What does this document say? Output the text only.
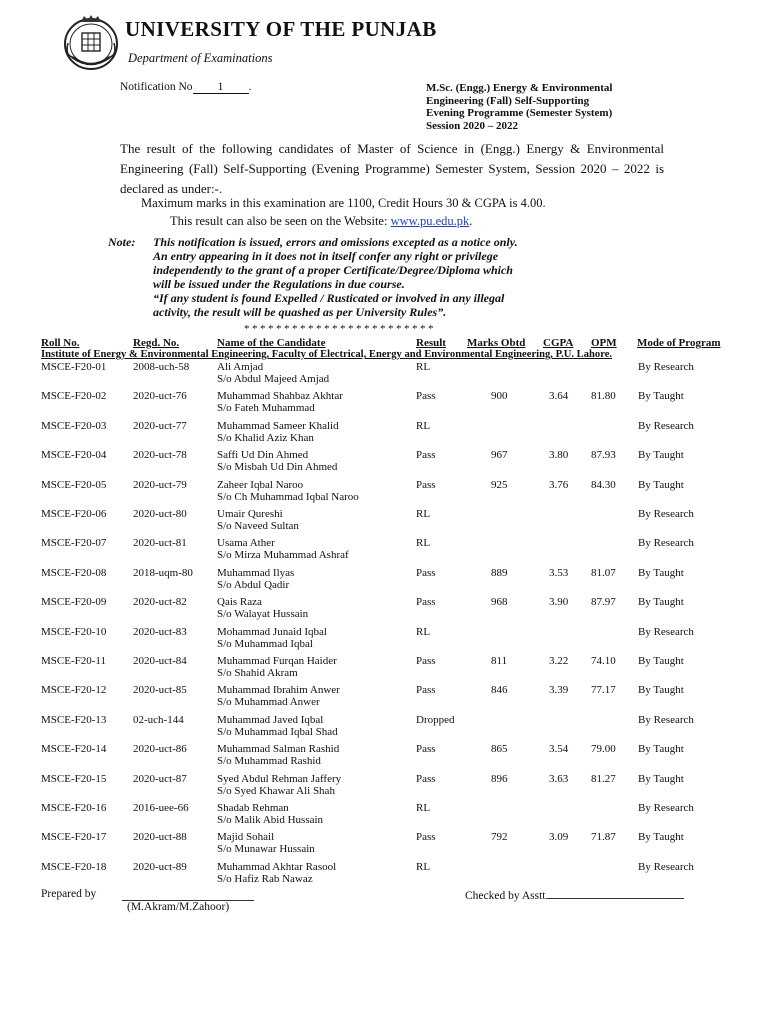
UNIVERSITY OF THE PUNJAB
Department of Examinations
Notification No 1 .	M.Sc. (Engg.) Energy & Environmental
Engineering (Fall) Self-Supporting
Evening Programme (Semester System)
Session 2020 – 2022
The result of the following candidates of Master of Science in (Engg.) Energy & Environmental Engineering (Fall) Self-Supporting (Evening Programme) Semester System, Session 2020 – 2022 is declared as under:-.
Maximum marks in this examination are 1100, Credit Hours 30 & CGPA is 4.00.
This result can also be seen on the Website: www.pu.edu.pk.
Note: This notification is issued, errors and omissions excepted as a notice only.
An entry appearing in it does not in itself confer any right or privilege
independently to the grant of a proper Certificate/Degree/Diploma which
will be issued under the Regulations in due course.
“If any student is found Expelled / Rusticated or involved in any illegal
activity, the result will be quashed as per University Rules”.
************************
Roll No.	Regd. No.	Name of the Candidate	Result Marks Obtd CGPA OPM Mode of Program
Institute of Energy & Environmental Engineering, Faculty of Electrical, Energy and Environmental Engineering, P.U. Lahore.
MSCE-F20-01 2008-uch-58	Ali Amjad	RL	By Research
S/o Abdul Majeed Amjad
MSCE-F20-02 2020-uct-76	Muhammad Shahbaz Akhtar	Pass	900	3.64 81.80 By Taught
S/o Fateh Muhammad
MSCE-F20-03 2020-uct-77	Muhammad Sameer Khalid	RL	By Research
S/o Khalid Aziz Khan
MSCE-F20-04 2020-uct-78	Saffi Ud Din Ahmed	Pass	967	3.80 87.93 By Taught
S/o Misbah Ud Din Ahmed
MSCE-F20-05 2020-uct-79	Zaheer Iqbal Naroo	Pass	925	3.76 84.30 By Taught
S/o Ch Muhammad Iqbal Naroo
MSCE-F20-06 2020-uct-80	Umair Qureshi	RL	By Research
S/o Naveed Sultan
MSCE-F20-07 2020-uct-81	Usama Ather	RL	By Research
S/o Mirza Muhammad Ashraf
MSCE-F20-08 2018-uqm-80 Muhammad Ilyas	Pass	889	3.53 81.07 By Taught
S/o Abdul Qadir
MSCE-F20-09 2020-uct-82	Qais Raza	Pass	968	3.90 87.97 By Taught
S/o Walayat Hussain
MSCE-F20-10 2020-uct-83	Mohammad Junaid Iqbal	RL	By Research
S/o Muhammad Iqbal
MSCE-F20-11 2020-uct-84	Muhammad Furqan Haider	Pass	811	3.22 74.10 By Taught
S/o Shahid Akram
MSCE-F20-12 2020-uct-85	Muhammad Ibrahim Anwer	Pass	846	3.39 77.17 By Taught
S/o Muhammad Anwer
MSCE-F20-13 02-uch-144	Muhammad Javed Iqbal	Dropped	By Research
S/o Muhammad Iqbal Shad
MSCE-F20-14 2020-uct-86	Muhammad Salman Rashid	Pass	865	3.54 79.00 By Taught
S/o Muhammad Rashid
MSCE-F20-15 2020-uct-87	Syed Abdul Rehman Jaffery	Pass	896	3.63 81.27 By Taught
S/o Syed Khawar Ali Shah
MSCE-F20-16 2016-uee-66	Shadab Rehman	RL	By Research
S/o Malik Abid Hussain
MSCE-F20-17 2020-uct-88	Majid Sohail	Pass	792	3.09 71.87 By Taught
S/o Munawar Hussain
MSCE-F20-18 2020-uct-89	Muhammad Akhtar Rasool	RL	By Research
S/o Hafiz Rab Nawaz
Prepared by
(M.Akram/M.Zahoor)
Checked by Asstt
